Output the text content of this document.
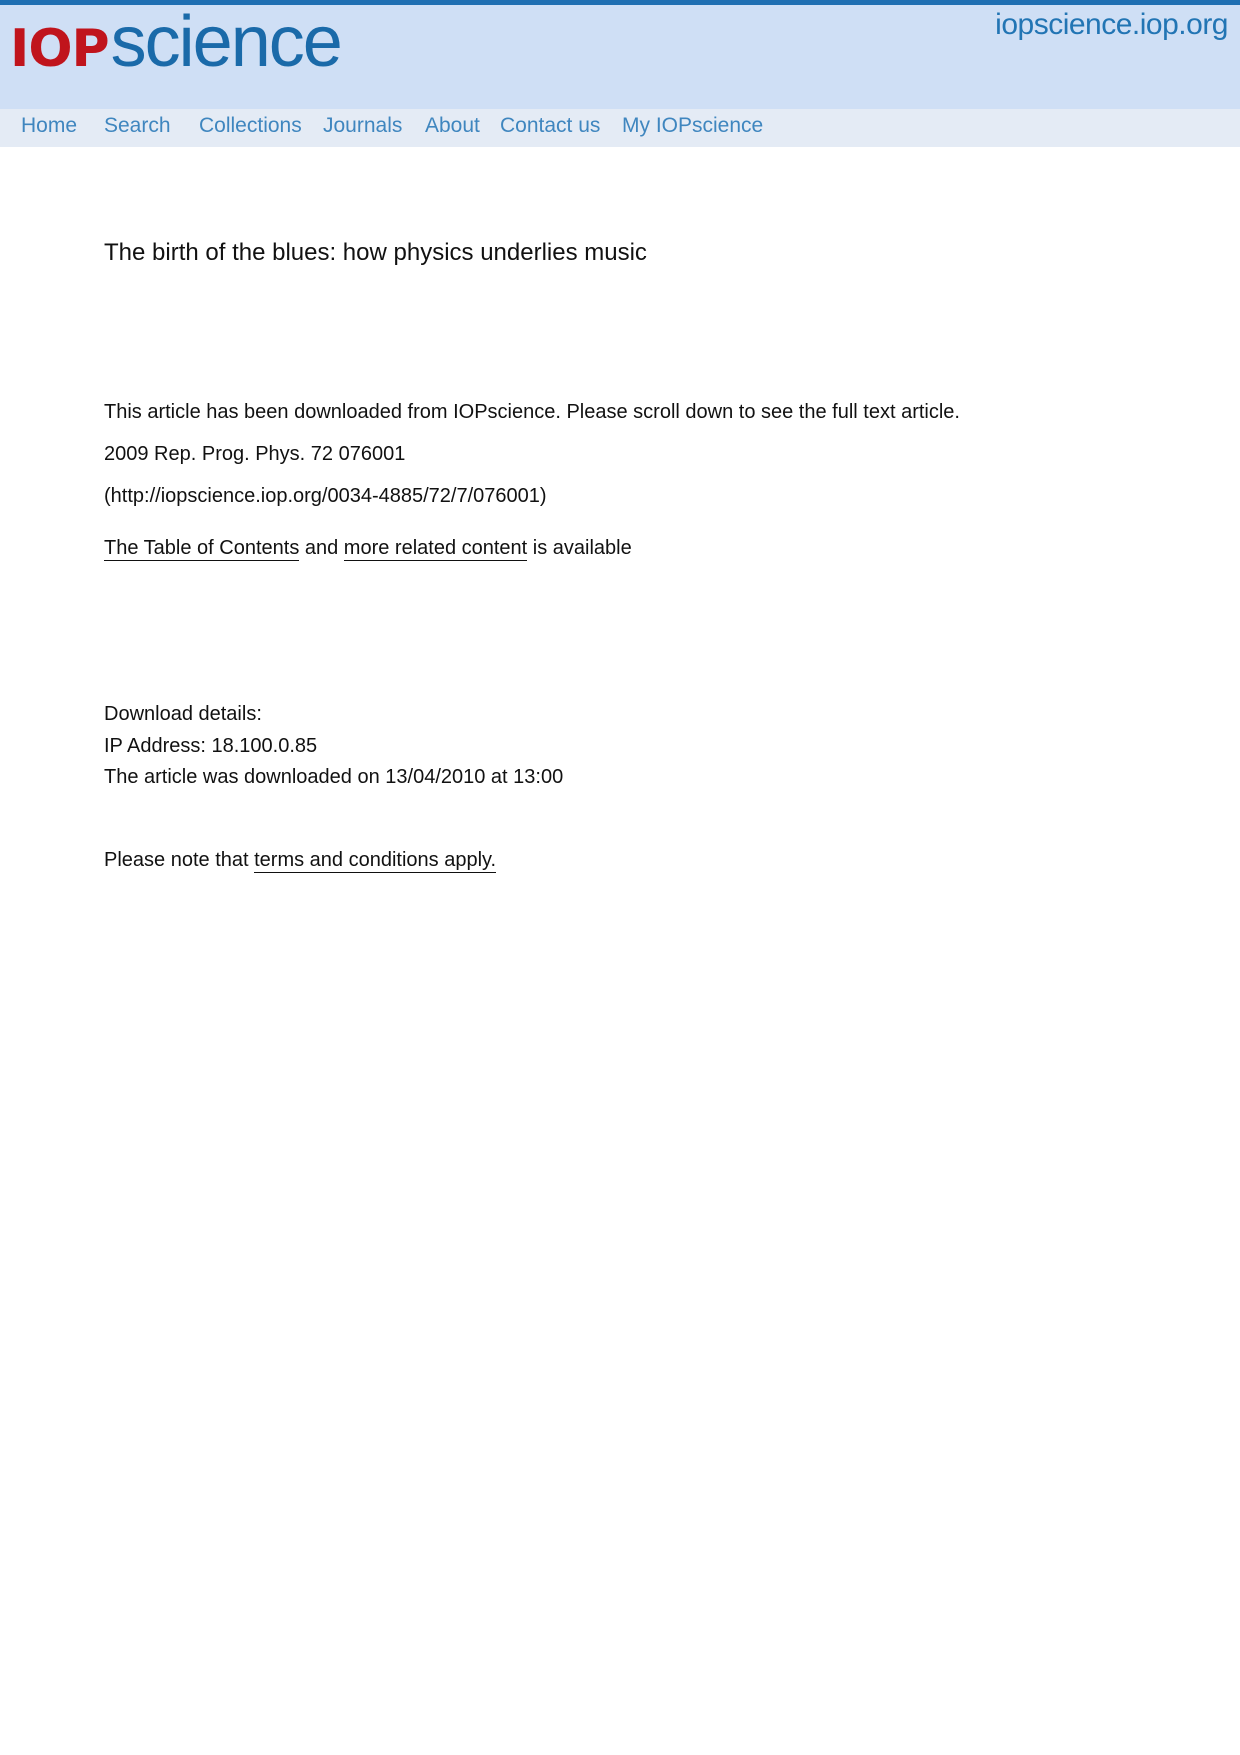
IOP science	iopscience.iop.org
Home Search Collections Journals About Contact us My IOPscience
The birth of the blues: how physics underlies music
This article has been downloaded from IOPscience. Please scroll down to see the full text article.
2009 Rep. Prog. Phys. 72 076001
(http://iopscience.iop.org/0034-4885/72/7/076001)
The Table of Contents and more related content is available
Download details:
IP Address: 18.100.0.85
The article was downloaded on 13/04/2010 at 13:00
Please note that terms and conditions apply.
